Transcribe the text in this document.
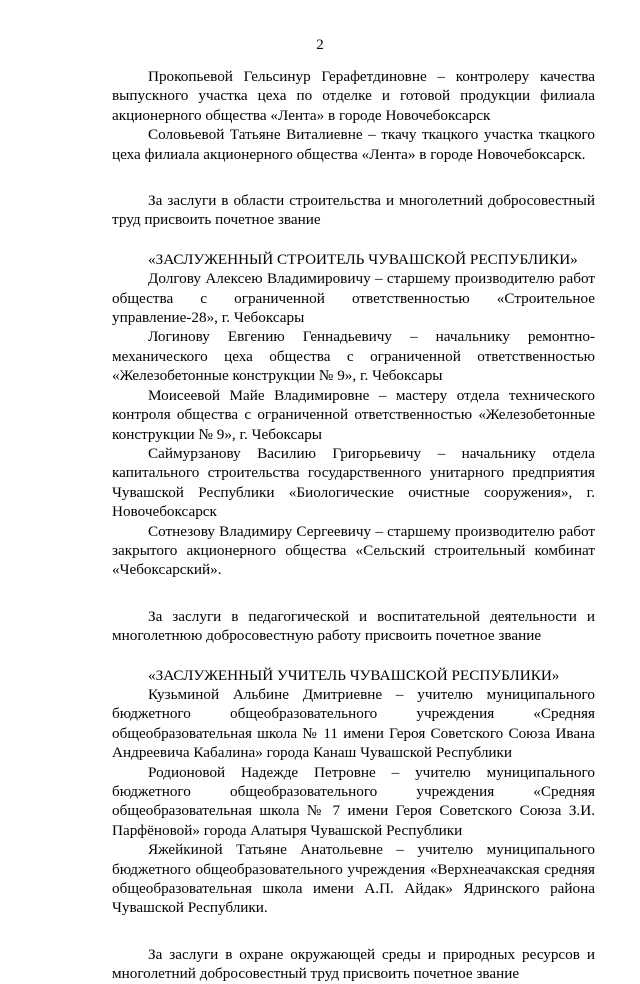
2

Прокопьевой Гельсинур Герафетдиновне – контролеру качества выпускного участка цеха по отделке и готовой продукции филиала акционерного общества «Лента» в городе Новочебоксарск

Соловьевой Татьяне Виталиевне – ткачу ткацкого участка ткацкого цеха филиала акционерного общества «Лента» в городе Новочебоксарск.

За заслуги в области строительства и многолетний добросовестный труд присвоить почетное звание

«ЗАСЛУЖЕННЫЙ СТРОИТЕЛЬ ЧУВАШСКОЙ РЕСПУБЛИКИ»

Долгову Алексею Владимировичу – старшему производителю работ общества с ограниченной ответственностью «Строительное управление-28», г. Чебоксары

Логинову Евгению Геннадьевичу – начальнику ремонтно-механического цеха общества с ограниченной ответственностью «Железобетонные конструкции № 9», г. Чебоксары

Моисеевой Майе Владимировне – мастеру отдела технического контроля общества с ограниченной ответственностью «Железобетонные конструкции № 9», г. Чебоксары

Саймурзанову Василию Григорьевичу – начальнику отдела капитального строительства государственного унитарного предприятия Чувашской Республики «Биологические очистные сооружения», г. Новочебоксарск

Сотнезову Владимиру Сергеевичу – старшему производителю работ закрытого акционерного общества «Сельский строительный комбинат «Чебоксарский».

За заслуги в педагогической и воспитательной деятельности и многолетнюю добросовестную работу присвоить почетное звание

«ЗАСЛУЖЕННЫЙ УЧИТЕЛЬ ЧУВАШСКОЙ РЕСПУБЛИКИ»

Кузьминой Альбине Дмитриевне – учителю муниципального бюджетного общеобразовательного учреждения «Средняя общеобразовательная школа № 11 имени Героя Советского Союза Ивана Андреевича Кабалина» города Канаш Чувашской Республики

Родионовой Надежде Петровне – учителю муниципального бюджетного общеобразовательного учреждения «Средняя общеобразовательная школа № 7 имени Героя Советского Союза З.И. Парфёновой» города Алатыря Чувашской Республики

Яжейкиной Татьяне Анатольевне – учителю муниципального бюджетного общеобразовательного учреждения «Верхнеачакская средняя общеобразовательная школа имени А.П. Айдак» Ядринского района Чувашской Республики.

За заслуги в охране окружающей среды и природных ресурсов и многолетний добросовестный труд присвоить почетное звание
